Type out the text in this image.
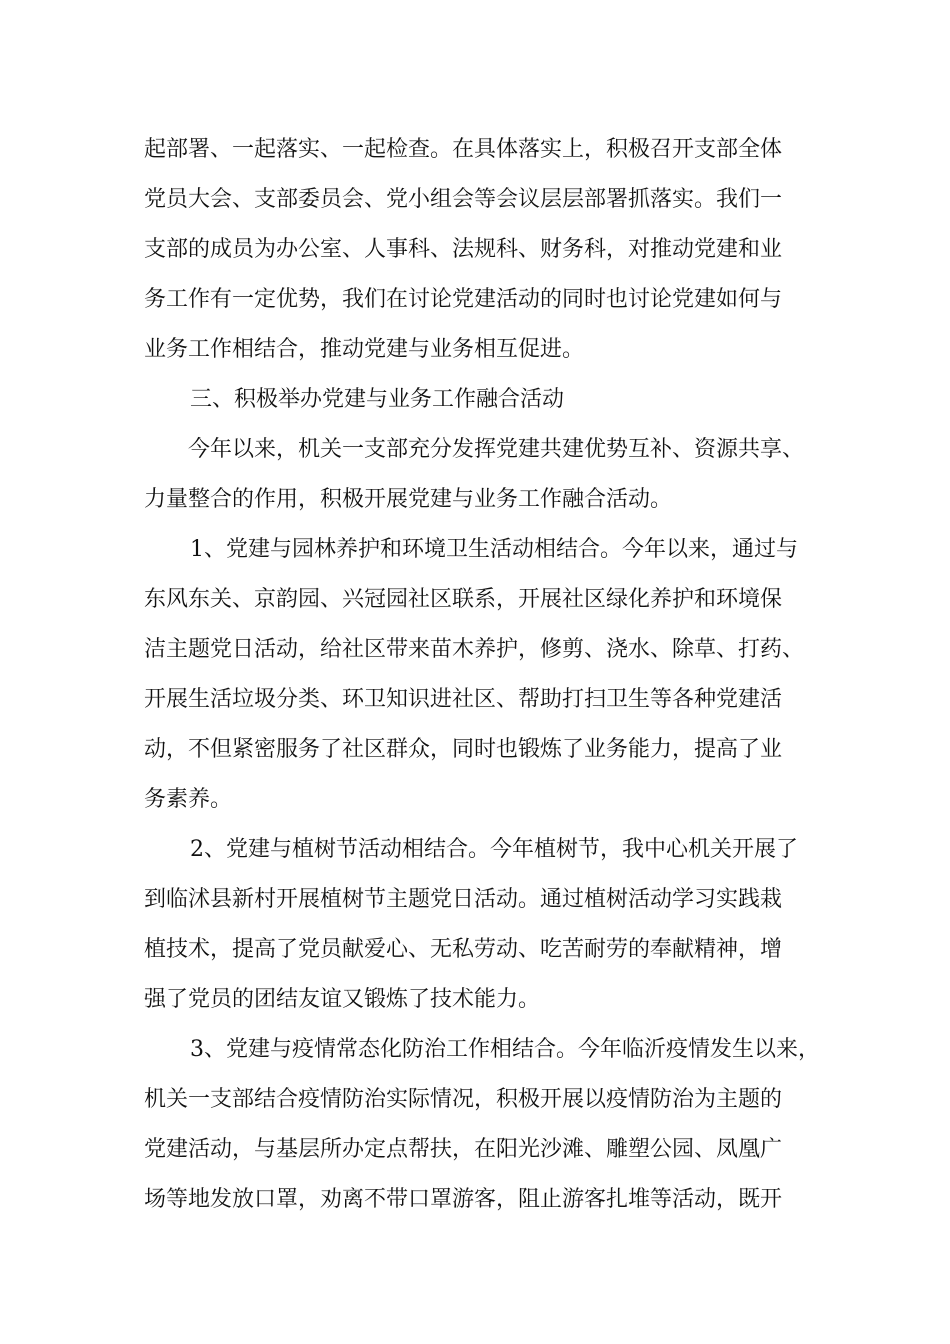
起部署、一起落实、一起检查。在具体落实上，积极召开支部全体
党员大会、支部委员会、党小组会等会议层层部署抓落实。我们一
支部的成员为办公室、人事科、法规科、财务科，对推动党建和业
务工作有一定优势，我们在讨论党建活动的同时也讨论党建如何与
业务工作相结合，推动党建与业务相互促进。
三、积极举办党建与业务工作融合活动
今年以来，机关一支部充分发挥党建共建优势互补、资源共享、
力量整合的作用，积极开展党建与业务工作融合活动。
1、党建与园林养护和环境卫生活动相结合。今年以来，通过与
东风东关、京韵园、兴冠园社区联系，开展社区绿化养护和环境保
洁主题党日活动，给社区带来苗木养护，修剪、浇水、除草、打药、
开展生活垃圾分类、环卫知识进社区、帮助打扫卫生等各种党建活
动，不但紧密服务了社区群众，同时也锻炼了业务能力，提高了业
务素养。
2、党建与植树节活动相结合。今年植树节，我中心机关开展了
到临沭县新村开展植树节主题党日活动。通过植树活动学习实践栽
植技术，提高了党员献爱心、无私劳动、吃苦耐劳的奉献精神，增
强了党员的团结友谊又锻炼了技术能力。
3、党建与疫情常态化防治工作相结合。今年临沂疫情发生以来，
机关一支部结合疫情防治实际情况，积极开展以疫情防治为主题的
党建活动，与基层所办定点帮扶，在阳光沙滩、雕塑公园、凤凰广
场等地发放口罩，劝离不带口罩游客，阻止游客扎堆等活动，既开
